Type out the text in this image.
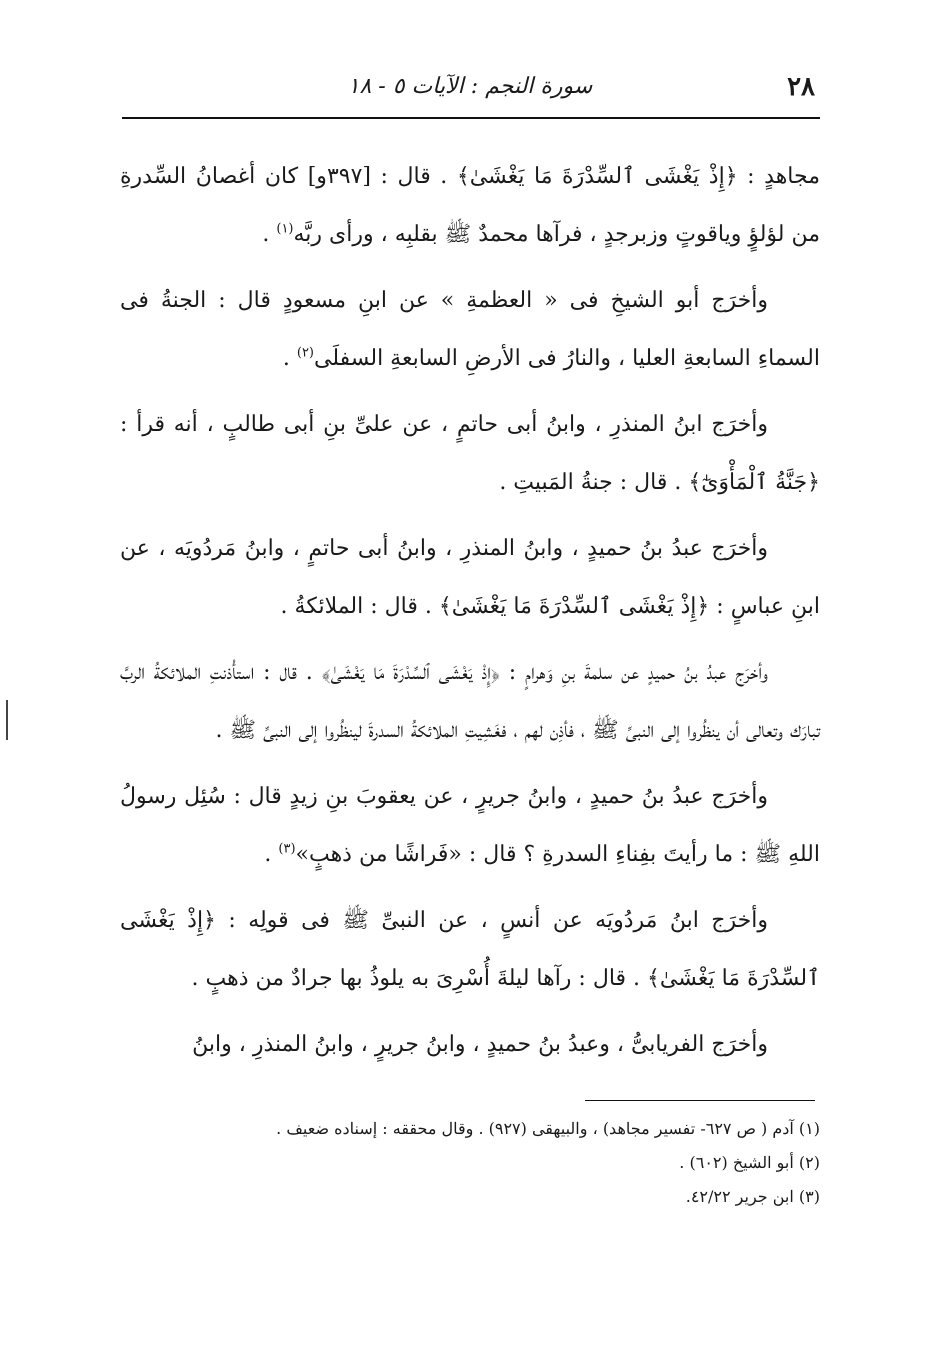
٢٨
سورة النجم : الآيات ٥ - ١٨

مجاهدٍ : ﴿إِذْ يَغْشَى ٱلسِّدْرَةَ مَا يَغْشَىٰ﴾ . قال : [٣٩٧و] كان أغصانُ السِّدرةِ من لؤلؤٍ وياقوتٍ وزبرجدٍ ، فرآها محمدٌ ﷺ بقلبِه ، ورأى ربَّه$^{(١)}$ .

وأخرَج أبو الشيخِ فى « العظمةِ » عن ابنِ مسعودٍ قال : الجنةُ فى السماءِ السابعةِ العليا ، والنارُ فى الأرضِ السابعةِ السفلَى$^{(٢)}$ .

وأخرَج ابنُ المنذرِ ، وابنُ أبى حاتمٍ ، عن علىِّ بنِ أبى طالبٍ ، أنه قرأ : ﴿جَنَّةُ ٱلْمَأْوَىٰٓ﴾ . قال : جنةُ المَبيتِ .

وأخرَج عبدُ بنُ حميدٍ ، وابنُ المنذرِ ، وابنُ أبى حاتمٍ ، وابنُ مَردُويَه ، عن ابنِ عباسٍ : ﴿إِذْ يَغْشَى ٱلسِّدْرَةَ مَا يَغْشَىٰ﴾ . قال : الملائكةُ .

وأخرَج عبدُ بنُ حميدٍ عن سلمةَ بنِ وَهرامٍ : ﴿إِذْ يَغْشَى ٱلسِّدْرَةَ مَا يَغْشَىٰ﴾ . قال : استأْذنتِ الملائكةُ الربَّ تبارَك وتعالى أن ينظُروا إلى النبىِّ ﷺ ، فأذِن لهم ، فغَشِيتِ الملائكةُ السدرةَ لينظُروا إلى النبىِّ ﷺ .

وأخرَج عبدُ بنُ حميدٍ ، وابنُ جريرٍ ، عن يعقوبَ بنِ زيدٍ قال : سُئِل رسولُ اللهِ ﷺ : ما رأيتَ بفِناءِ السدرةِ ؟ قال : «فَراشًا من ذهبٍ»$^{(٣)}$ .

وأخرَج ابنُ مَردُويَه عن أنسٍ ، عن النبىِّ ﷺ فى قولِه : ﴿إِذْ يَغْشَى ٱلسِّدْرَةَ مَا يَغْشَىٰ﴾ . قال : رآها ليلةَ أُسْرِىَ به يلوذُ بها جرادٌ من ذهبٍ .

وأخرَج الفريابىُّ ، وعبدُ بنُ حميدٍ ، وابنُ جريرٍ ، وابنُ المنذرِ ، وابنُ

(١) آدم ( ص ٦٢٧- تفسير مجاهد) ، والبيهقى (٩٢٧) . وقال محققه : إسناده ضعيف .

(٢) أبو الشيخ (٦٠٢) .

(٣) ابن جرير ٤٢/٢٢.
